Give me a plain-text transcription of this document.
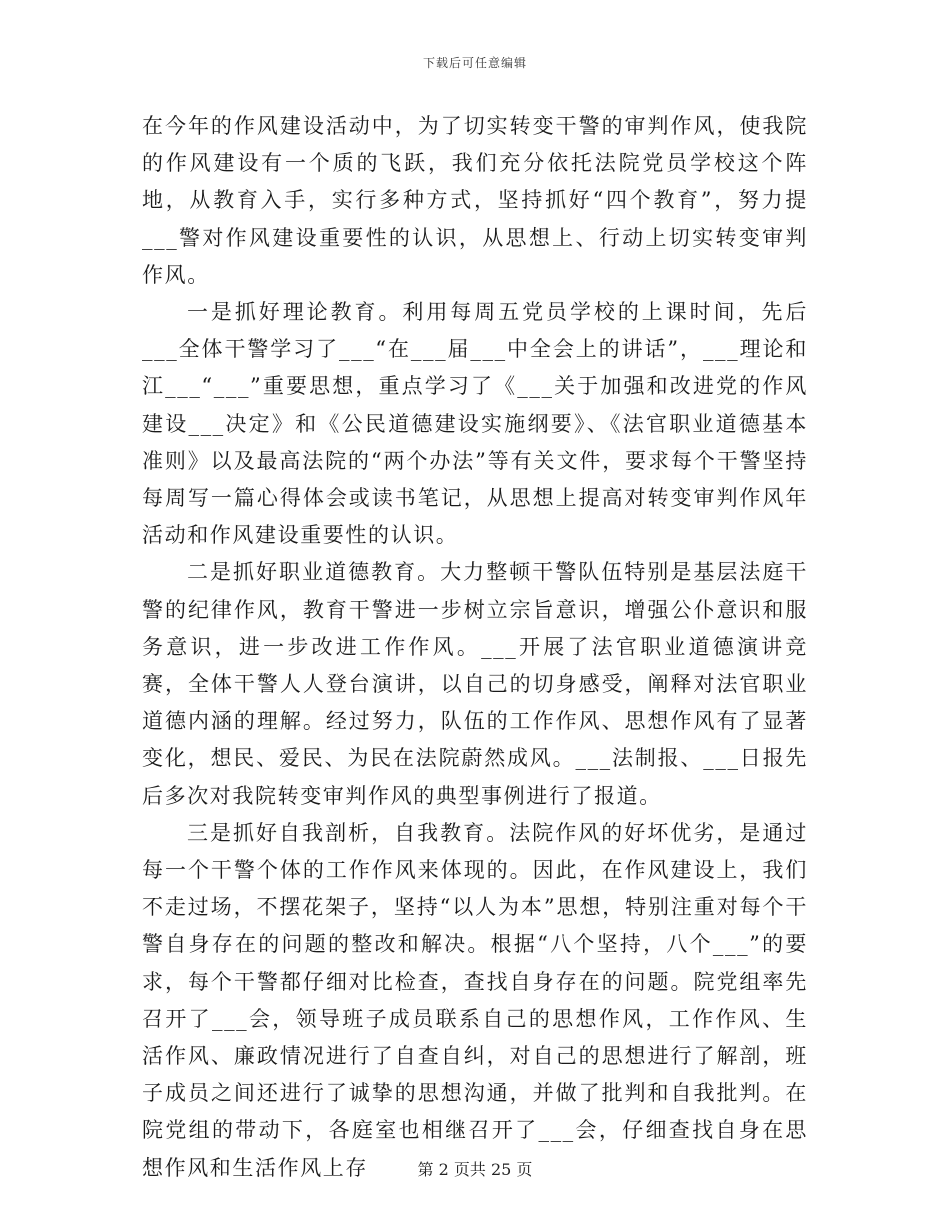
下载后可任意编辑

在今年的作风建设活动中，为了切实转变干警的审判作风，使我院的作风建设有一个质的飞跃，我们充分依托法院党员学校这个阵地，从教育入手，实行多种方式，坚持抓好“四个教育”，努力提___警对作风建设重要性的认识，从思想上、行动上切实转变审判作风。

一是抓好理论教育。利用每周五党员学校的上课时间，先后___全体干警学习了___“在___届___中全会上的讲话”，___理论和江___“___”重要思想，重点学习了《___关于加强和改进党的作风建设___决定》和《公民道德建设实施纲要》、《法官职业道德基本准则》以及最高法院的“两个办法”等有关文件，要求每个干警坚持每周写一篇心得体会或读书笔记，从思想上提高对转变审判作风年活动和作风建设重要性的认识。

二是抓好职业道德教育。大力整顿干警队伍特别是基层法庭干警的纪律作风，教育干警进一步树立宗旨意识，增强公仆意识和服务意识，进一步改进工作作风。___开展了法官职业道德演讲竞赛，全体干警人人登台演讲，以自己的切身感受，阐释对法官职业道德内涵的理解。经过努力，队伍的工作作风、思想作风有了显著变化，想民、爱民、为民在法院蔚然成风。___法制报、___日报先后多次对我院转变审判作风的典型事例进行了报道。

三是抓好自我剖析，自我教育。法院作风的好坏优劣，是通过每一个干警个体的工作作风来体现的。因此，在作风建设上，我们不走过场，不摆花架子，坚持“以人为本”思想，特别注重对每个干警自身存在的问题的整改和解决。根据“八个坚持，八个___”的要求，每个干警都仔细对比检查，查找自身存在的问题。院党组率先召开了___会，领导班子成员联系自己的思想作风，工作作风、生活作风、廉政情况进行了自查自纠，对自己的思想进行了解剖，班子成员之间还进行了诚挚的思想沟通，并做了批判和自我批判。在院党组的带动下，各庭室也相继召开了___会，仔细查找自身在思想作风和生活作风上存	第 2 页共 25 页
